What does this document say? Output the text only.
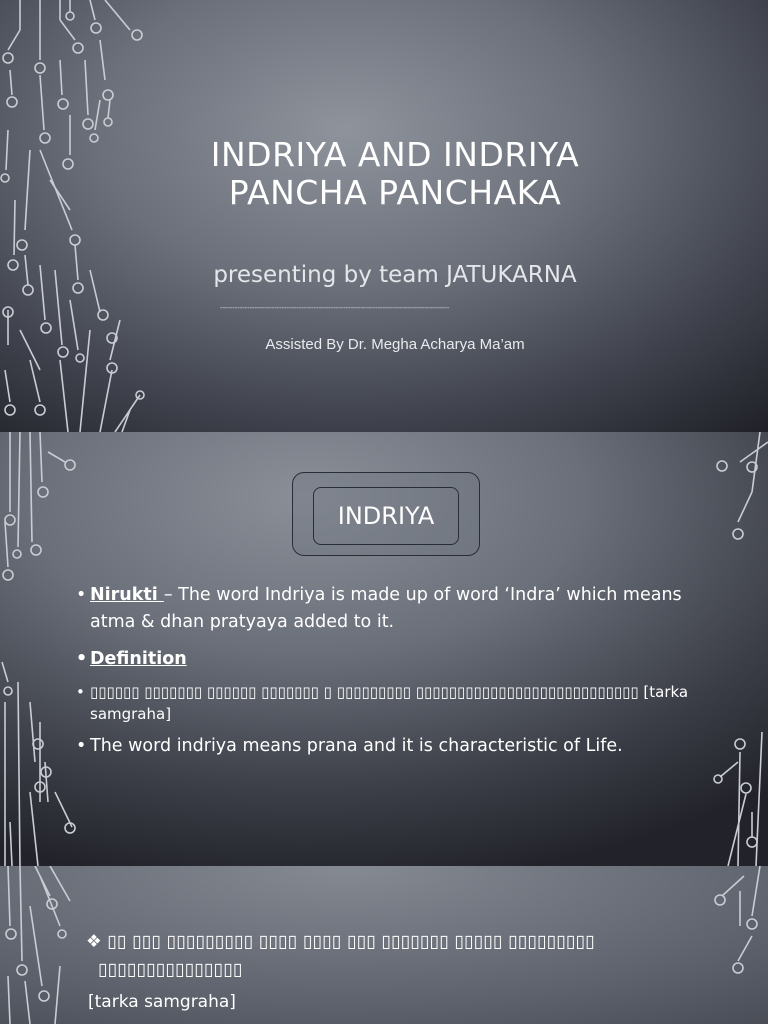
INDRIYA AND INDRIYA
PANCHA PANCHAKA
presenting by team JATUKARNA
---------------------------------------------------------------------------------------------
Assisted By Dr. Megha Acharya Ma’am
INDRIYA
• Nirukti – The word Indriya is made up of word ‘Indra’ which means atma & dhan pratyaya added to it.
• Definition
• ▯▯▯▯▯▯ ▯▯▯▯▯▯▯ ▯▯▯▯▯▯ ▯▯▯▯▯▯▯ ▯ ▯▯▯▯▯▯▯▯▯ ▯▯▯▯▯▯▯▯▯▯▯▯▯▯▯▯▯▯▯▯▯▯▯▯▯▯▯ [tarka samgraha]
• The word indriya means prana and it is characteristic of Life.
❖ ▯▯ ▯▯▯ ▯▯▯▯▯▯▯▯▯ ▯▯▯▯ ▯▯▯▯ ▯▯▯ ▯▯▯▯▯▯▯ ▯▯▯▯▯ ▯▯▯▯▯▯▯▯▯
▯▯▯▯▯▯▯▯▯▯▯▯▯▯▯
[tarka samgraha]
